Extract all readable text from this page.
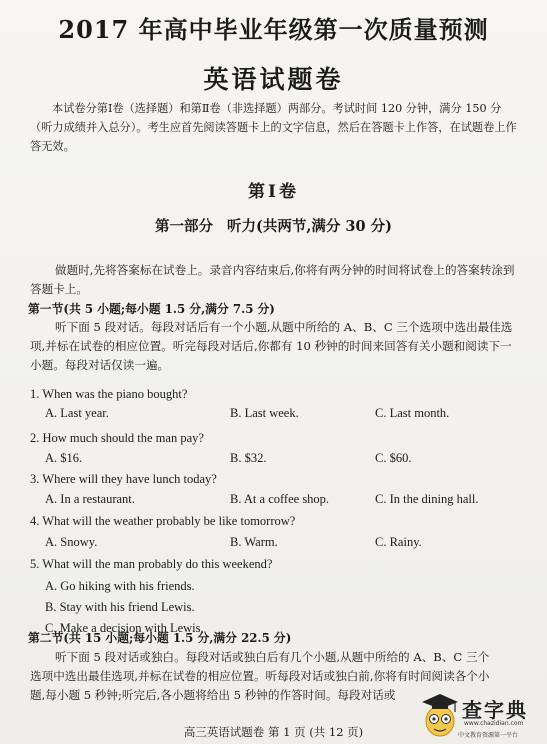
2017 年高中毕业年级第一次质量预测
英语试题卷
本试卷分第Ⅰ卷（选择题）和第Ⅱ卷（非选择题）两部分。考试时间 120 分钟，满分 150 分（听力成绩并入总分）。考生应首先阅读答题卡上的文字信息，然后在答题卡上作答，在试题卷上作答无效。
第Ⅰ卷
第一部分 听力(共两节,满分 30 分)
做题时,先将答案标在试卷上。录音内容结束后,你将有两分钟的时间将试卷上的答案转涂到答题卡上。
第一节(共 5 小题;每小题 1.5 分,满分 7.5 分)
听下面 5 段对话。每段对话后有一个小题,从题中所给的 A、B、C 三个选项中选出最佳选项,并标在试卷的相应位置。听完每段对话后,你都有 10 秒钟的时间来回答有关小题和阅读下一小题。每段对话仅读一遍。
1. When was the piano bought?
A. Last year.	B. Last week.	C. Last month.
2. How much should the man pay?
A. $16.	B. $32.	C. $60.
3. Where will they have lunch today?
A. In a restaurant.	B. At a coffee shop.	C. In the dining hall.
4. What will the weather probably be like tomorrow?
A. Snowy.	B. Warm.	C. Rainy.
5. What will the man probably do this weekend?
A. Go hiking with his friends.
B. Stay with his friend Lewis.
C. Make a decision with Lewis.
第二节(共 15 小题;每小题 1.5 分,满分 22.5 分)
听下面 5 段对话或独白。每段对话或独白后有几个小题,从题中所给的 A、B、C 三个选项中选出最佳选项,并标在试卷的相应位置。听每段对话或独白前,你将有时间阅读各个小题,每小题 5 秒钟;听完后,各小题将给出 5 秒钟的作答时间。每段对话或
高三英语试题卷 第 1 页 (共 12 页)
查字典
www.chazidian.com
中文教育资源第一平台
